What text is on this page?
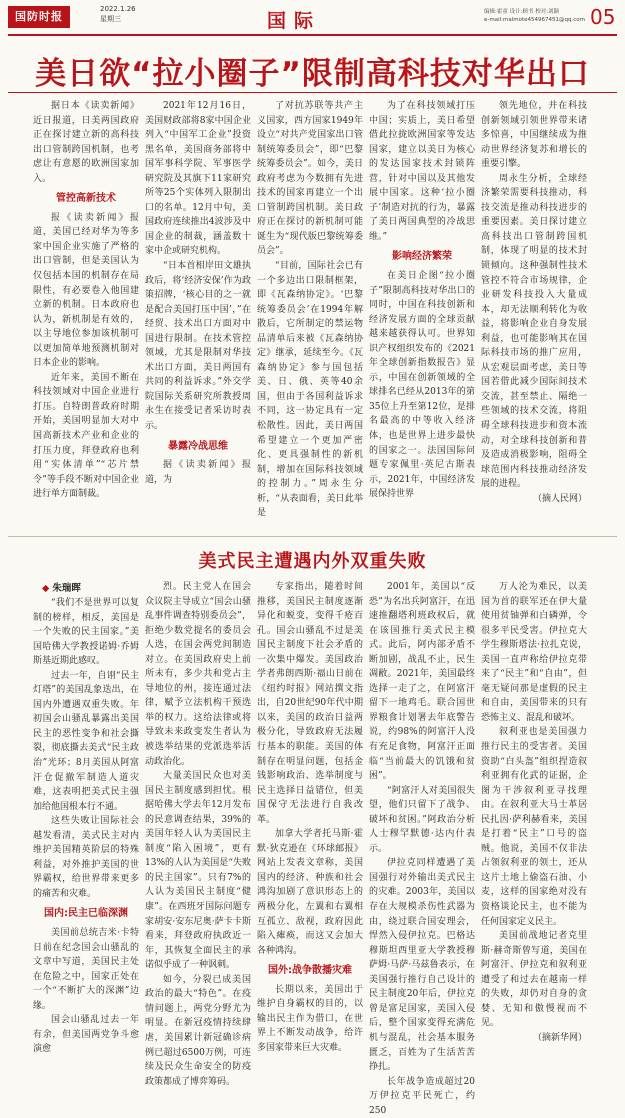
国防时报
2022.1.26
星期三	国际	编辑:霍童 设计:顾书 校对:刘颖
e-mail:malmote454967451@qq.com 05
美日欲“拉小圈子”限制高科技对华出口

据日本《读卖新闻》近日报道，日美两国政府正在探讨建立新的高科技出口管制跨国机制，也考虑让有意愿的欧洲国家加入。

管控高新技术

报《读卖新闻》报道，美国已经对华为等多家中国企业实施了严格的出口管制，但是美国认为仅包括本国的机制存在局限性，有必要卷入他国建立新的机制。日本政府也认为，新机制是有效的，以主导地位参加该机制可以更加简单地预测机制对日本企业的影响。

近年来，美国不断在科技领域对中国企业进行打压。自特朗普政府时期开始，美国明显加大对中国高新技术产业和企业的打压力度，拜登政府也利用“实体清单”“芯片禁令”等手段不断对中国企业进行单方面制裁。

2021年12月16日，美国财政部将8家中国企业列入“中国军工企业”投资黑名单，美国商务部将中国军事科学院、军事医学研究院及其旗下11家研究所等25个实体列入限制出口的名单。12月中旬，美国政府连续推出4波涉及中国企业的制裁，涵盖数十家中企或研究机构。

“日本首相岸田文雄执政后，将‘经济安保’作为政策招牌，‘核心目的之一就是配合美国打压中国’，”在经贸、技术出口方面对中国进行限制。在技术管控领域，尤其是限制对华技术出口方面，美日两国有共同的利益诉求。”外交学院国际关系研究所教授周永生在接受记者采访时表示。

暴露冷战思维

据《读卖新闻》报道，为

了对抗苏联等共产主义国家，西方国家1949年设立“对共产党国家出口管制统筹委员会”，即“巴黎统筹委员会”。如今，美日政府考虑为今数拥有先进技术的国家再建立一个出口管制跨国机制。美日政府正在探讨的新机制可能诞生为“现代版巴黎统筹委员会”。

“目前，国际社会已有一个多边出口限制框架，即《瓦森纳协定》。‘巴黎统筹委员会’在1994年解散后，它所制定的禁运物品清单后来被《瓦森纳协定》继承，延续至今。《瓦森纳协定》参与国包括美、日、俄、英等40余国，但由于各国利益诉求不同，这一协定具有一定松散性。因此，美日两国希望建立一个更加严密化、更具强制性的新机制，增加在国际科技领域的控制力。”周永生分析，“从表面看，美日此举是

为了在科技领域打压中国；实质上，美日希望借此拉拢欧洲国家等发达国家，建立以美日为核心的发达国家技术封锁阵营，针对中国以及其他发展中国家。这种‘拉小圈子’制造对抗的行为，暴露了美日两国典型的冷战思维。”

影响经济繁荣

在美日企图“拉小圈子”限制高科技对华出口的同时，中国在科技创新和经济发展方面的全球贡献越来越获得认可。世界知识产权组织发布的《2021年全球创新指数报告》显示，中国在创新领域的全球排名已经从2013年的第35位上升至第12位，是排名最高的中等收入经济体，也是世界上进步最快的国家之一。法国国际问题专家佩里·英尼古斯表示，2021年，中国经济发展保持世界

领先地位，并在科技创新领域引领世界带来诸多惊喜，中国继续成为推动世界经济复苏和增长的重要引擎。

周永生分析，全球经济繁荣需要科技推动，科技交流是推动科技进步的重要因素。美日探讨建立高科技出口管制跨国机制，体现了明显的技术封锁倾向。这种强制性技术管控不符合市场规律，企业研发科技投入大量成本，却无法顺利转化为收益，将影响企业自身发展利益，也可能影响其在国际科技市场的推广应用，从宏观层面考虑，美日等国若借此减少国际间技术交流，甚至禁止、隔绝一些领域的技术交流，将阻碍全球科技进步和资本流动，对全球科技创新和普及造成消极影响，阻碍全球范围内科技推动经济发展的进程。

（摘人民网）

美式民主遭遇内外双重失败
◆ 朱瑞晖

“我们不是世界可以复制的榜样，相反，美国是一个失败的民主国家。”美国哈佛大学教授诺姆·乔姆斯基近期此感叹。

过去一年，自诩“民主灯塔”的美国乱象迭出，在国内外遭遇双重失败。年初国会山骚乱暴露出美国民主的恶性变争和社会撕裂，彻底撕去美式“民主政治”光环；8月美国从阿富汗仓促撤军制造人道灾难，这表明把美式民主强加给他国根本行不通。

这些失败让国际社会越发看清，美式民主对内维护美国精英阶层的特殊利益，对外推护美国的世界霸权，给世界带来更多的痛苦和灾难。

国内:民主已临深渊

美国前总统吉米·卡特日前在纪念国会山骚乱的文章中写道，美国民主处在危险之中，国家正处在一个“不断扩大的深渊”边缘。

国会山骚乱过去一年有余，但美国两党争斗愈演愈

烈。民主党人在国会众议院主导成立“国会山骚乱事件调查特别委员会”，拒绝少数党提名的委员会人选，在国会两党间制造对立。在美国政府史上前所未有，多少共和党占主导地位的州，接连通过法律，赋予立法机构干预选举的权力。这给法律或将导致未来政变发生者认为被选举结果的党派选举活动政治化。

大量美国民众也对美国民主制度感到担忧。根据哈佛大学去年12月发布的民意调查结果，39%的美国年轻人认为美国民主制度“陷入困境”，更有13%的人认为美国是“失败的民主国家”。只有7%的人认为美国民主制度“健康”。在西班牙国际问题专家胡安·安东尼奥·萨卡卡斯看来，拜登政府执政近一年，其恢复全面民主的承诺似乎成了一种讽刺。

如今，分裂已成美国政治的最大“特色”。在疫情问题上，两党分野尤为明显。在新冠疫情持续肆虐，美国累计新冠确诊病例已超过6500万例，可连续及民众生命安全的防疫政策都成了博弈筹码。

专家指出，随着时间推移，美国民主制度逐渐异化和蜕变，变得千疮百孔。国会山骚乱不过是美国民主制度下社会矛盾的一次集中爆发。美国政治学者弗朗西斯·福山日前在《纽约时报》网站撰文指出，自20世纪90年代中期以来，美国的政治日益两极分化，导致政府无法履行基本的职能。美国的体制存在明显问题，包括金钱影响政治、选举制度与民主选择日益错位，但美国保守无法进行自我改革。

加拿大学者托马斯·霍默·狄克逊在《环球邮报》网站上发表文章称，美国国内的经济、种族和社会鸿沟加剧了意识形态上的两极分化，左翼和右翼相互孤立、敌视，政府因此陷入瘫痪，而这又会加大各种鸿沟。

国外:战争散播灾难

长期以来，美国出于维护自身霸权的目的，以输出民主作为借口，在世界上不断发动战争，给许多国家带来巨大灾难。

2001年，美国以“反恐”为名出兵阿富汗，在迅速推翻塔利班政权后，就在该国推行美式民主模式。此后，阿内部矛盾不断加剧，战乱不止，民生凋敝。2021年，美国最终选择一走了之，在阿富汗留下一地鸡毛。联合国世界粮食计划署去年底警告说，约98%的阿富汗人没有充足食物，阿富汗正面临“当前最大的饥饿和贫困”。

“阿富汗人对美国很失望，他们只留下了战争、破坏和贫困。”阿政治分析人士穆罕默德·达内什表示。

伊拉克同样遭遇了美国强行对外输出美式民主的灾难。2003年，美国以存在大规模杀伤性武器为由，绕过联合国安理会，悍然入侵伊拉克。巴格达穆斯坦西里亚大学教授穆萨姆·马萨·马兹鲁表示，在美国强行推行自己设计的民主制度20年后，伊拉克曾是富足国家，美国入侵后，整个国家变得充满危机与混乱，社会基本服务匮乏，百姓为了生活苦苦挣扎。

长年战争造成超过20万伊拉克平民死亡，约250

万人沦为难民，以美国为首的联军还在伊大量使用贫铀弹和白磷弹，令很多平民受害。伊拉克大学生穆斯塔法·拉扎克说，美国一直声称给伊拉克带来了“民主”和“自由”，但毫无疑问那是虚假的民主和自由，美国带来的只有恐怖主义、混乱和破坏。

叙利亚也是美国强力推行民主的受害者。美国资助“白头盔”组织捏造叙利亚拥有化武的证据，企图为干涉叙利亚寻找理由。在叙利亚大马士革居民扎因·萨利赫看来，美国是打着“民主”口号的盗贼。他说，美国不仅非法占领叙利亚的领土，还从这片土地上偷盗石油、小麦，这样的国家绝对没有资格谈论民主，也不能为任何国家定义民主。

美国前战地记者克里斯·赫奇斯曾写道，美国在阿富汗、伊拉克和叙利亚遭受了和过去在越南一样的失败，却仍对自身的贪婪、无知和傲慢视而不见。

（摘新华网）
